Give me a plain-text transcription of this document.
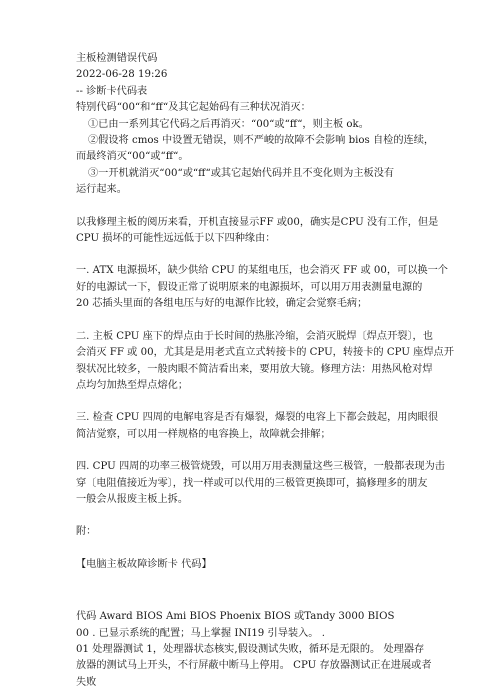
主板检测错误代码

2022-06-28 19:26

-- 诊断卡代码表

特别代码“00“和“ff“及其它起始码有三种状况消灭：

①已由一系列其它代码之后再消灭：“00“或“ff“，则主板 ok。

②假设将 cmos 中设置无错误，则不严峻的故障不会影响 bios 自检的连续，

而最终消灭“00“或“ff“。

③一开机就消灭“00“或“ff“或其它起始代码并且不变化则为主板没有

运行起来。

以我修理主板的阅历来看，开机直接显示FF 或00，确实是CPU 没有工作，但是

CPU 损坏的可能性远远低于以下四种缘由：

一. ATX 电源损坏，缺少供给 CPU 的某组电压，也会消灭 FF 或 00，可以换一个

好的电源试一下，假设正常了说明原来的电源损坏，可以用万用表测量电源的

20 芯插头里面的各组电压与好的电源作比较，确定会觉察毛病；

二. 主板 CPU 座下的焊点由于长时间的热胀冷缩，会消灭脱焊〔焊点开裂〕，也

会消灭 FF 或 00，尤其是是用老式直立式转接卡的 CPU，转接卡的 CPU 座焊点开

裂状况比较多，一般肉眼不简洁看出来，要用放大镜。修理方法：用热风枪对焊

点均匀加热至焊点熔化；

三. 检查 CPU 四周的电解电容是否有爆裂，爆裂的电容上下都会鼓起，用肉眼很

简洁觉察，可以用一样规格的电容换上，故障就会排解；

四. CPU 四周的功率三极管烧毁，可以用万用表测量这些三极管，一般都表现为击

穿〔电阻值接近为零〕，找一样或可以代用的三极管更换即可，搞修理多的朋友

一般会从报废主板上拆。

附：

【电脑主板故障诊断卡 代码】

代码 Award BIOS Ami BIOS Phoenix BIOS 或Tandy 3000 BIOS

00 . 已显示系统的配置；马上掌握 INI19 引导装入。 .

01 处理器测试 1，处理器状态核实,假设测试失败，循环是无限的。 处理器存

放器的测试马上开头，不行屏蔽中断马上停用。 CPU 存放器测试正在进展或者

失败
